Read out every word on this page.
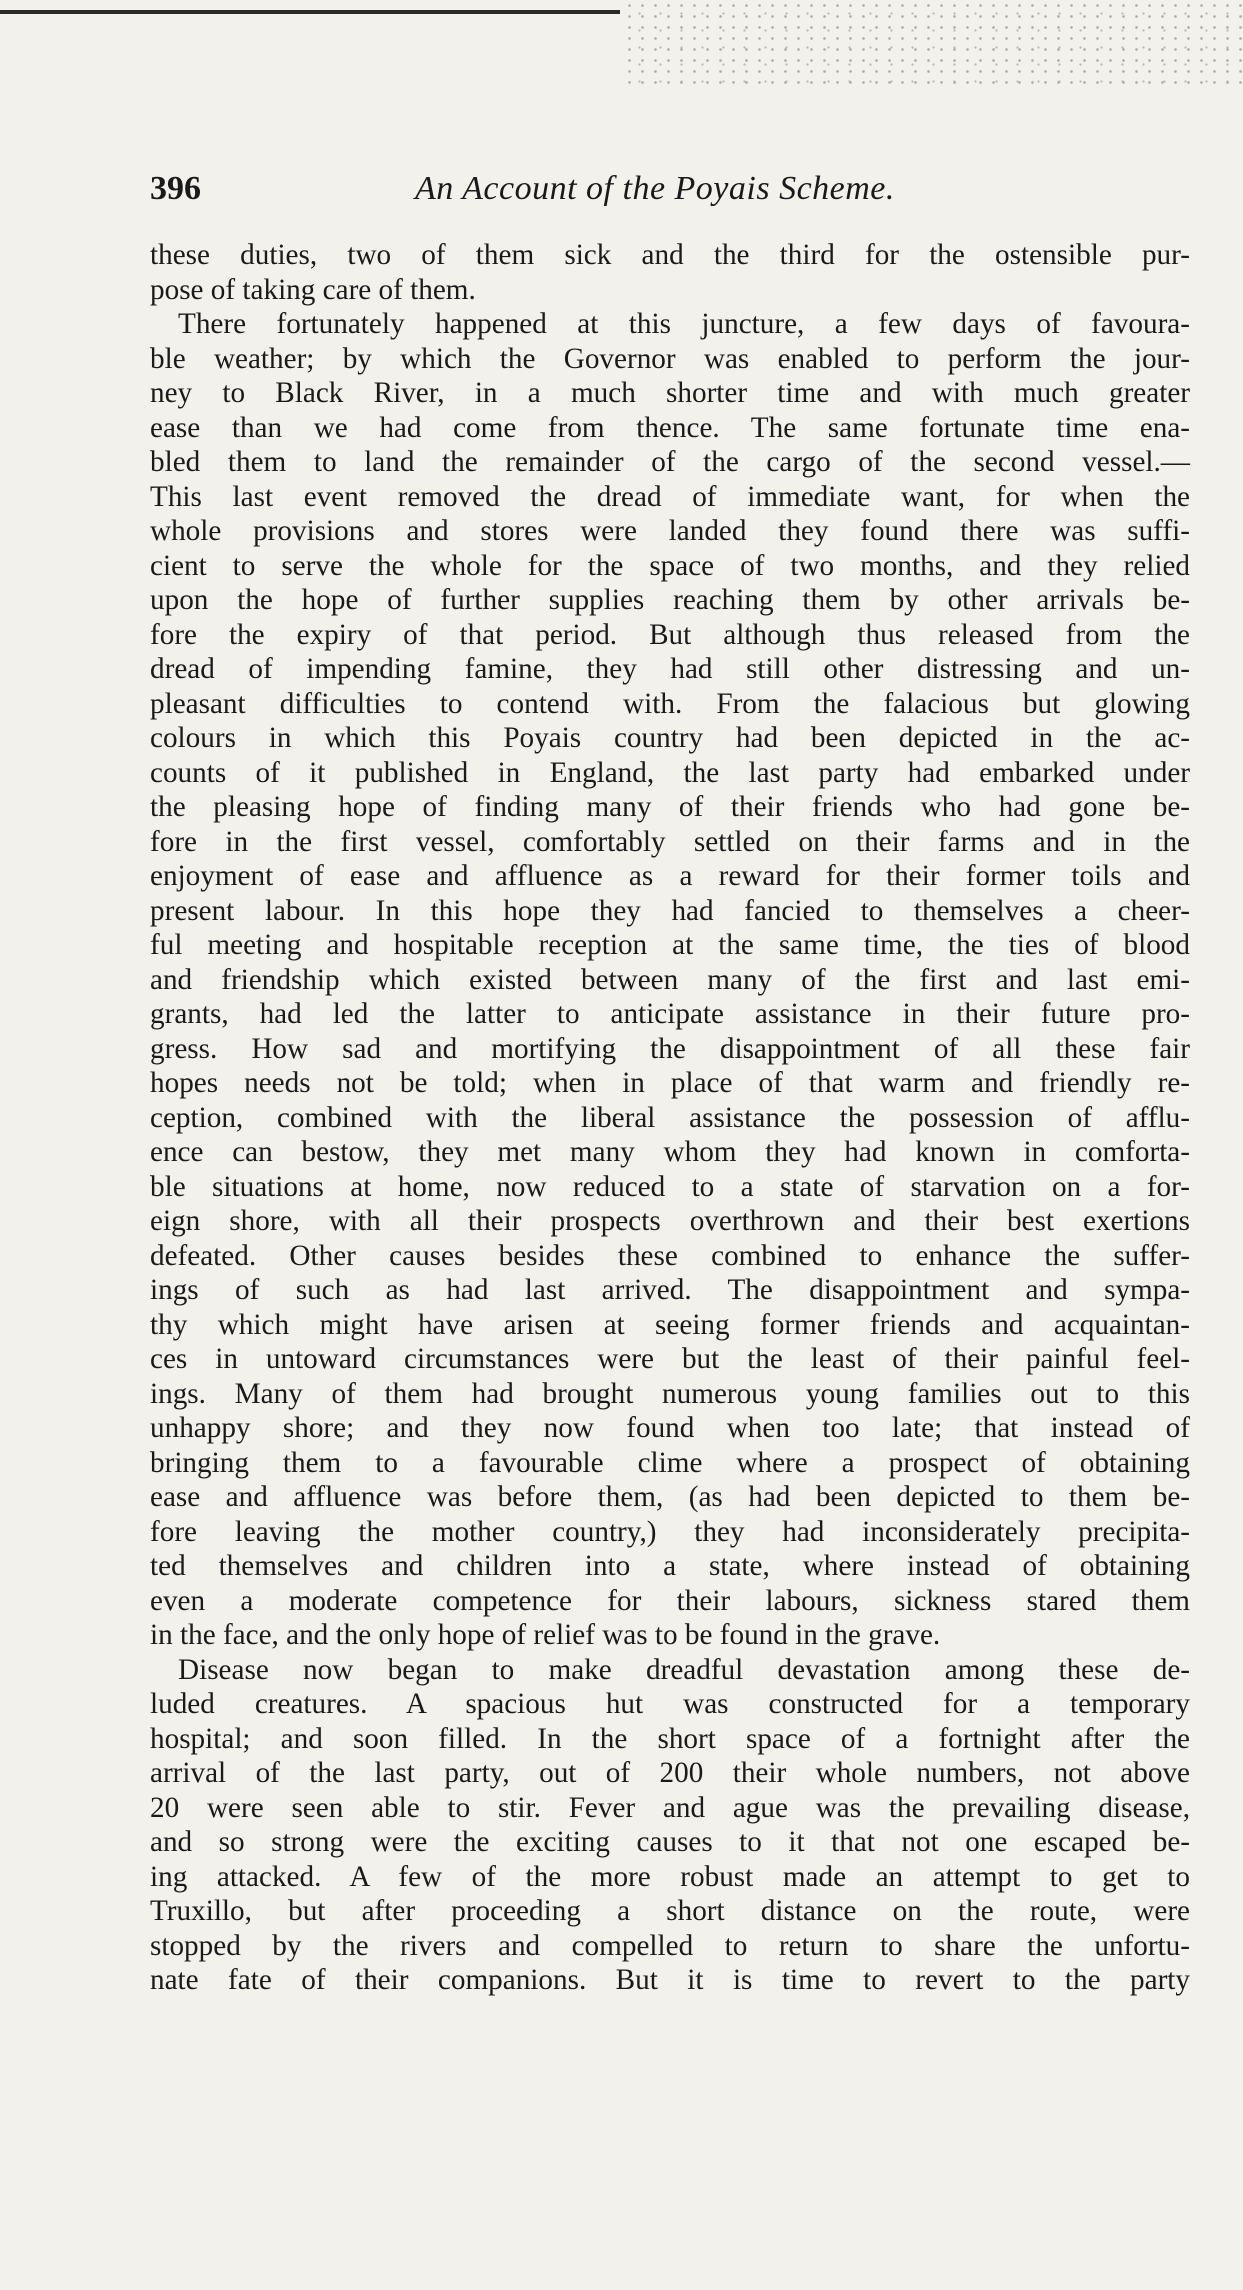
396	An Account of the Poyais Scheme.
these duties, two of them sick and the third for the ostensible pur-
pose of taking care of them.
There fortunately happened at this juncture, a few days of favoura-
ble weather; by which the Governor was enabled to perform the jour-
ney to Black River, in a much shorter time and with much greater
ease than we had come from thence. The same fortunate time ena-
bled them to land the remainder of the cargo of the second vessel.—
This last event removed the dread of immediate want, for when the
whole provisions and stores were landed they found there was suffi-
cient to serve the whole for the space of two months, and they relied
upon the hope of further supplies reaching them by other arrivals be-
fore the expiry of that period. But although thus released from the
dread of impending famine, they had still other distressing and un-
pleasant difficulties to contend with. From the falacious but glowing
colours in which this Poyais country had been depicted in the ac-
counts of it published in England, the last party had embarked under
the pleasing hope of finding many of their friends who had gone be-
fore in the first vessel, comfortably settled on their farms and in the
enjoyment of ease and affluence as a reward for their former toils and
present labour. In this hope they had fancied to themselves a cheer-
ful meeting and hospitable reception at the same time, the ties of blood
and friendship which existed between many of the first and last emi-
grants, had led the latter to anticipate assistance in their future pro-
gress. How sad and mortifying the disappointment of all these fair
hopes needs not be told; when in place of that warm and friendly re-
ception, combined with the liberal assistance the possession of afflu-
ence can bestow, they met many whom they had known in comforta-
ble situations at home, now reduced to a state of starvation on a for-
eign shore, with all their prospects overthrown and their best exertions
defeated. Other causes besides these combined to enhance the suffer-
ings of such as had last arrived. The disappointment and sympa-
thy which might have arisen at seeing former friends and acquaintan-
ces in untoward circumstances were but the least of their painful feel-
ings. Many of them had brought numerous young families out to this
unhappy shore; and they now found when too late; that instead of
bringing them to a favourable clime where a prospect of obtaining
ease and affluence was before them, (as had been depicted to them be-
fore leaving the mother country,) they had inconsiderately precipita-
ted themselves and children into a state, where instead of obtaining
even a moderate competence for their labours, sickness stared them
in the face, and the only hope of relief was to be found in the grave.
Disease now began to make dreadful devastation among these de-
luded creatures. A spacious hut was constructed for a temporary
hospital; and soon filled. In the short space of a fortnight after the
arrival of the last party, out of 200 their whole numbers, not above
20 were seen able to stir. Fever and ague was the prevailing disease,
and so strong were the exciting causes to it that not one escaped be-
ing attacked. A few of the more robust made an attempt to get to
Truxillo, but after proceeding a short distance on the route, were
stopped by the rivers and compelled to return to share the unfortu-
nate fate of their companions. But it is time to revert to the party
